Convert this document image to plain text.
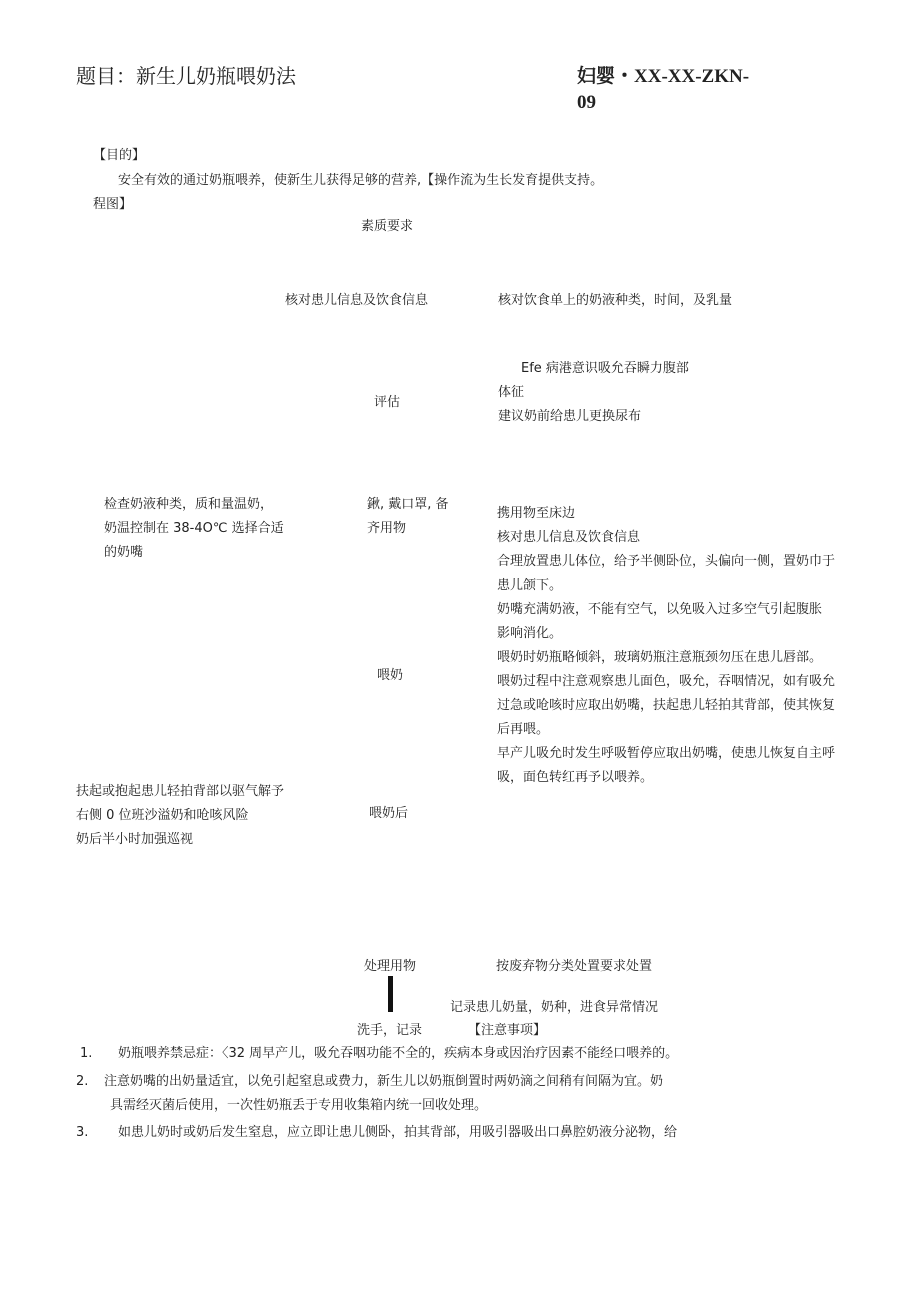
题目：新生儿奶瓶喂奶法	妇婴・XX-XX-ZKN-
09
【目的】
安全有效的通过奶瓶喂养，使新生儿获得足够的营养,【操作流为生长发育提供支持。
程图】
素质要求
核对患儿信息及饮食信息	核对饮食单上的奶液种类，时间，及乳量
Efe 病港意识吸允吞瞬力腹部
体征
建议奶前给患儿更换尿布
评估
检查奶液种类，质和量温奶，
奶温控制在 38-4O℃ 选择合适
的奶嘴
鍬, 戴口罩, 备
齐用物
携用物至床边
核对患儿信息及饮食信息
合理放置患儿体位，给予半侧卧位，头偏向一侧，置奶巾于
患儿颌下。
奶嘴充满奶液，不能有空气，以免吸入过多空气引起腹胀
影响消化。
喂奶时奶瓶略倾斜，玻璃奶瓶注意瓶颈勿压在患儿唇部。
喂奶过程中注意观察患儿面色，吸允，吞咽情况，如有吸允
过急或呛咳时应取出奶嘴，扶起患儿轻拍其背部，使其恢复
后再喂。
早产儿吸允时发生呼吸暂停应取出奶嘴，使患儿恢复自主呼
吸，面色转红再予以喂养。
喂奶
扶起或抱起患儿轻拍背部以驱气解予
右侧 0 位班沙溢奶和呛咳风险
奶后半小时加强巡视
喂奶后
处理用物	按废弃物分类处置要求处置
记录患儿奶量，奶种，进食异常情况
洗手，记录	【注意事项】
1.	奶瓶喂养禁忌症：〈32 周早产儿，吸允吞咽功能不全的，疾病本身或因治疗因素不能经口喂养的。
2. 注意奶嘴的出奶量适宜，以免引起窒息或费力，新生儿以奶瓶倒置时两奶滴之间稍有间隔为宜。奶
具需经灭菌后使用，一次性奶瓶丢于专用收集箱内统一回收处理。
3.	如患儿奶时或奶后发生窒息，应立即让患儿侧卧，拍其背部，用吸引器吸出口鼻腔奶液分泌物，给
